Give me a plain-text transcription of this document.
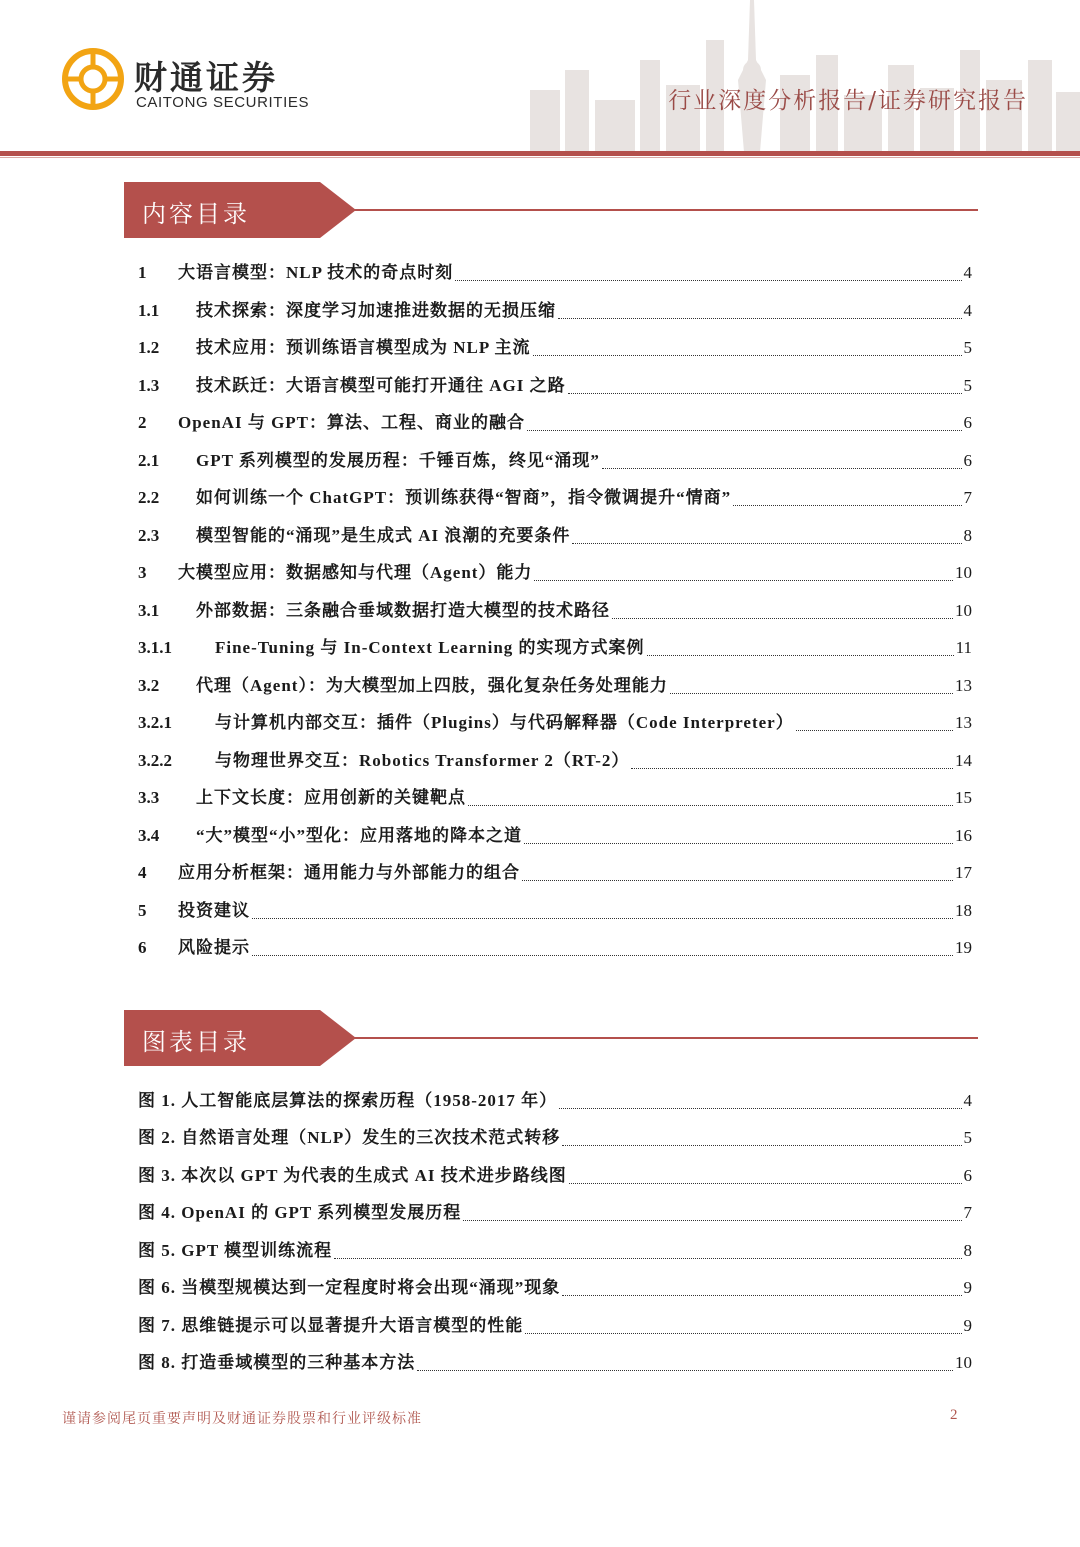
财通证券
CAITONG SECURITIES	行业深度分析报告/证券研究报告
内容目录
1	大语言模型：NLP 技术的奇点时刻	4
1.1	技术探索：深度学习加速推进数据的无损压缩	4
1.2	技术应用：预训练语言模型成为 NLP 主流	5
1.3	技术跃迁：大语言模型可能打开通往 AGI 之路	5
2	OpenAI 与 GPT：算法、工程、商业的融合	6
2.1	GPT 系列模型的发展历程：千锤百炼，终见“涌现”	6
2.2	如何训练一个 ChatGPT：预训练获得“智商”，指令微调提升“情商”	7
2.3	模型智能的“涌现”是生成式 AI 浪潮的充要条件	8
3	大模型应用：数据感知与代理（Agent）能力	10
3.1	外部数据：三条融合垂域数据打造大模型的技术路径	10
3.1.1	Fine-Tuning 与 In-Context Learning 的实现方式案例	11
3.2	代理（Agent）：为大模型加上四肢，强化复杂任务处理能力	13
3.2.1	与计算机内部交互：插件（Plugins）与代码解释器（Code Interpreter）	13
3.2.2	与物理世界交互：Robotics Transformer 2（RT-2）	14
3.3	上下文长度：应用创新的关键靶点	15
3.4	“大”模型“小”型化：应用落地的降本之道	16
4	应用分析框架：通用能力与外部能力的组合	17
5	投资建议	18
6	风险提示	19
图表目录
图 1. 人工智能底层算法的探索历程（1958-2017 年）	4
图 2. 自然语言处理（NLP）发生的三次技术范式转移	5
图 3. 本次以 GPT 为代表的生成式 AI 技术进步路线图	6
图 4. OpenAI 的 GPT 系列模型发展历程	7
图 5. GPT 模型训练流程	8
图 6. 当模型规模达到一定程度时将会出现“涌现”现象	9
图 7. 思维链提示可以显著提升大语言模型的性能	9
图 8. 打造垂域模型的三种基本方法	10
谨请参阅尾页重要声明及财通证券股票和行业评级标准	2
